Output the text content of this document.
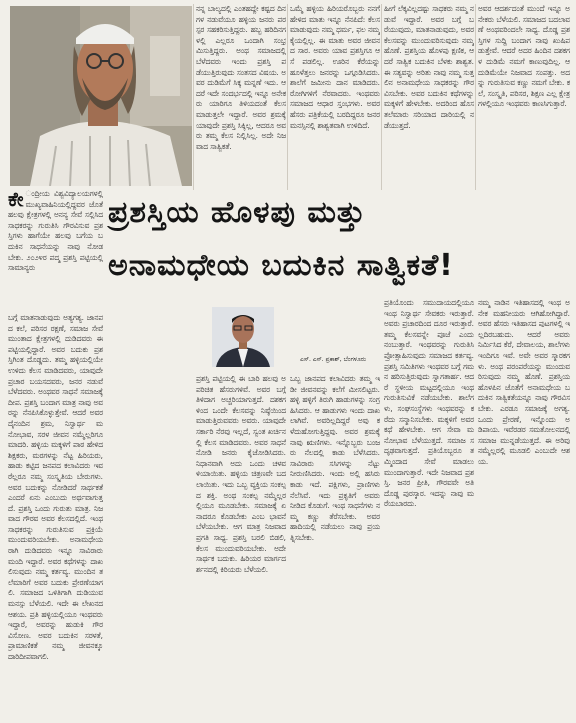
ಪ್ರಶಸ್ತಿಯ ಹೊಳಪು ಮತ್ತು
ಅನಾಮಧೇಯ ಬದುಕಿನ ಸಾತ್ವಿಕತೆ!
ಎಸ್. ಎಸ್. ಪ್ರಕಾಶ್, ಬೆಂಗಳೂರು

ಕೇ ಂದ್ರೀಯ ವಿಶ್ವವಿದ್ಯಾಲಯಗಳಲ್ಲಿ ಮುಖ್ಯವಾಹಿನಿಯಲ್ಲಿದ್ದವರ ಜೊತೆ ಹಲವು ಕ್ಷೇತ್ರಗಳಲ್ಲಿ ಅನನ್ಯ ಸೇವೆ ಸಲ್ಲಿಸಿದ ಸಾಧಕರನ್ನು ಗುರುತಿಸಿ ಗೌರವಿಸುವ ಪ್ರಶಸ್ತಿಗಳು ಹಾಗೆಯೇ ಹಲವು ಬಗೆಯ ಬದುಕಿನ ಸಾಧನೆಯನ್ನು ನಾವು ನೋಡಬೇಕು. ೨೦೨೪ರ ಪದ್ಮ ಪ್ರಶಸ್ತಿ ಪಟ್ಟಿಯಲ್ಲಿ ಸಾಮಾನ್ಯರು

ಬಗ್ಗೆ ಮಾತನಾಡುವುದು ಅತ್ಯಗತ್ಯ. ಜಾನಪದ ಕಲೆ, ಪರಿಸರ ರಕ್ಷಣೆ, ಸಮಾಜ ಸೇವೆ ಮುಂತಾದ ಕ್ಷೇತ್ರಗಳಲ್ಲಿ ದುಡಿದವರು ಈ ಪಟ್ಟಿಯಲ್ಲಿದ್ದಾರೆ. ಅವರ ಬದುಕು ಪ್ರಶಸ್ತಿಗಿಂತ ದೊಡ್ಡದು. ತಮ್ಮ ಹಳ್ಳಿಯಲ್ಲಿಯೇ ಉಳಿದು ಕೆಲಸ ಮಾಡಿದವರು, ಯಾವುದೇ ಪ್ರಚಾರ ಬಯಸದವರು, ಜನರ ನಡುವೆ ಬೆಳೆದವರು. ಅಂಥವರ ಸಾಧನೆ ಸಮಾಜಕ್ಕೆ ದೀಪ. ಪ್ರಶಸ್ತಿ ಬಂದಾಗ ಮಾತ್ರ ನಾವು ಅವರನ್ನು ನೆನಪಿಸಿಕೊಳ್ಳುತ್ತೇವೆ. ಆದರೆ ಅವರ ದೈನಂದಿನ ಶ್ರಮ, ನಿಸ್ವಾರ್ಥ ಮನೋಭಾವ, ಸರಳ ಜೀವನ ನಮ್ಮೆಲ್ಲರಿಗೂ ಮಾದರಿ. ಹಳ್ಳಿಯ ಮಕ್ಕಳಿಗೆ ಪಾಠ ಹೇಳಿದ ಶಿಕ್ಷಕರು, ಮರಗಳನ್ನು ನೆಟ್ಟ ಹಿರಿಯರು, ಹಾಡು ಕಟ್ಟಿದ ಜನಪದ ಕಲಾವಿದರು ಇವರೆಲ್ಲರೂ ನಮ್ಮ ಸಂಸ್ಕೃತಿಯ ಬೇರುಗಳು. ಅವರ ಬದುಕನ್ನು ನೋಡಿದರೆ ಸಾರ್ಥಕತೆ ಎಂದರೆ ಏನು ಎಂಬುದು ಅರ್ಥವಾಗುತ್ತದೆ. ಪ್ರಶಸ್ತಿ ಒಂದು ಗುರುತು ಮಾತ್ರ. ನಿಜವಾದ ಗೌರವ ಅವರ ಕೆಲಸದಲ್ಲಿದೆ. ಇಂಥ ಸಾಧಕರನ್ನು ಗುರುತಿಸುವ ಪ್ರಕ್ರಿಯೆ ಮುಂದುವರಿಯಬೇಕು. ಅನಾಮಧೇಯರಾಗಿ ದುಡಿದವರು ಇನ್ನೂ ಸಾವಿರಾರು ಮಂದಿ ಇದ್ದಾರೆ. ಅವರ ಕಥೆಗಳನ್ನು ದಾಖಲಿಸುವುದು ನಮ್ಮ ಕರ್ತವ್ಯ. ಮುಂದಿನ ತಲೆಮಾರಿಗೆ ಅವರ ಬದುಕು ಪ್ರೇರಣೆಯಾಗಲಿ. ಸಮಾಜದ ಒಳಿತಿಗಾಗಿ ದುಡಿಯುವ ಮನಸ್ಸು ಬೆಳೆಯಲಿ. ಇದೇ ಈ ಲೇಖನದ ಆಶಯ. ಪ್ರತಿ ಹಳ್ಳಿಯಲ್ಲಿಯೂ ಇಂಥವರು ಇದ್ದಾರೆ, ಅವರನ್ನು ಹುಡುಕಿ ಗೌರವಿಸೋಣ. ಅವರ ಬದುಕಿನ ಸರಳತೆ, ಪ್ರಾಮಾಣಿಕತೆ ನಮ್ಮ ಜೀವನಕ್ಕೂ ದಾರಿದೀಪವಾಗಲಿ.

ನನ್ನ ಬಾಲ್ಯದಲ್ಲಿ ಎಂತಹದ್ದೇ ಕಷ್ಟದ ದಿನಗಳ ನಡುವೆಯೂ ಹಳ್ಳಿಯ ಜನರು ಪರಸ್ಪರ ಸಹಕರಿಸುತ್ತಿದ್ದರು. ಹಬ್ಬ ಹರಿದಿನಗಳಲ್ಲಿ ಎಲ್ಲರೂ ಒಂದಾಗಿ ಸಂಭ್ರಮಿಸುತ್ತಿದ್ದರು. ಅಂಥ ಸಮಾಜದಲ್ಲಿ ಬೆಳೆದವರು ಇಂದು ಪ್ರಶಸ್ತಿ ಪಡೆಯುತ್ತಿರುವುದು ಸಂತಸದ ವಿಷಯ. ಅವರ ದುಡಿಮೆಗೆ ಸಿಕ್ಕ ಮನ್ನಣೆ ಇದು. ಆದರೆ ಇದೇ ಸಂದರ್ಭದಲ್ಲಿ ಇನ್ನೂ ಅನೇಕರು ಯಾರಿಗೂ ತಿಳಿಯದಂತೆ ಕೆಲಸ ಮಾಡುತ್ತಲೇ ಇದ್ದಾರೆ. ಅವರ ಶ್ರಮಕ್ಕೆ ಯಾವುದೇ ಪ್ರಶಸ್ತಿ ಸಿಕ್ಕಿಲ್ಲ, ಆದರೂ ಅವರು ತಮ್ಮ ಕೆಲಸ ನಿಲ್ಲಿಸಿಲ್ಲ. ಅದೇ ನಿಜವಾದ ಸಾತ್ವಿಕತೆ.

ಒಮ್ಮೆ ಹಳ್ಳಿಯ ಹಿರಿಯರೊಬ್ಬರು ನನಗೆ ಹೇಳಿದ ಮಾತು ಇನ್ನೂ ನೆನಪಿದೆ: ಕೆಲಸ ಮಾಡುವುದು ನಮ್ಮ ಧರ್ಮ, ಫಲ ನಮ್ಮ ಕೈಯಲ್ಲಿಲ್ಲ. ಈ ಮಾತು ಅವರ ಜೀವನದ ಸಾರ. ಅವರು ಯಾವ ಪ್ರಶಸ್ತಿಗೂ ಆಸೆ ಪಡಲಿಲ್ಲ. ಊರಿನ ಕೆರೆಯನ್ನು ಹೂಳೆತ್ತಲು ಜನರನ್ನು ಒಗ್ಗೂಡಿಸಿದರು. ಶಾಲೆಗೆ ಜಮೀನು ದಾನ ಮಾಡಿದರು. ರೋಗಿಗಳಿಗೆ ನೆರವಾದರು. ಇಂಥವರು ಸಮಾಜದ ಆಧಾರ ಸ್ತಂಭಗಳು. ಅವರ ಹೆಸರು ಪತ್ರಿಕೆಯಲ್ಲಿ ಬರದಿದ್ದರೂ ಜನರ ಮನಸ್ಸಿನಲ್ಲಿ ಶಾಶ್ವತವಾಗಿ ಉಳಿದಿದೆ.

ಹೀಗೆ ಲೆಕ್ಕವಿಲ್ಲದಷ್ಟು ಸಾಧಕರು ನಮ್ಮ ನಡುವೆ ಇದ್ದಾರೆ. ಅವರ ಬಗ್ಗೆ ಬರೆಯುವುದು, ಮಾತನಾಡುವುದು, ಅವರ ಕೆಲಸವನ್ನು ಮುಂದುವರಿಸುವುದು ನಮ್ಮ ಹೊಣೆ. ಪ್ರಶಸ್ತಿಯ ಹೊಳಪು ಕ್ಷಣಿಕ, ಆದರೆ ಸಾತ್ವಿಕ ಬದುಕಿನ ಬೆಳಕು ಶಾಶ್ವತ. ಈ ಸತ್ಯವನ್ನು ಅರಿತು ನಾವು ನಮ್ಮ ಸುತ್ತಲಿನ ಅನಾಮಧೇಯ ಸಾಧಕರನ್ನು ಗೌರವಿಸಬೇಕು. ಅವರ ಬದುಕಿನ ಕಥೆಗಳನ್ನು ಮಕ್ಕಳಿಗೆ ಹೇಳಬೇಕು. ಅದರಿಂದ ಹೊಸ ತಲೆಮಾರು ಸರಿಯಾದ ದಾರಿಯಲ್ಲಿ ನಡೆಯುತ್ತದೆ.

ಅವರ ಆದರ್ಶದಂತೆ ಮುಂದೆ ಇನ್ನೂ ಅನೇಕರು ಬೆಳೆಯಲಿ. ಸಮಾಜದ ಬದಲಾವಣೆ ಅಂಥವರಿಂದಲೇ ಸಾಧ್ಯ. ದೊಡ್ಡ ಪ್ರಶಸ್ತಿಗಳ ಸುದ್ದಿ ಬಂದಾಗ ನಾವು ಖುಷಿಪಡುತ್ತೇವೆ. ಆದರೆ ಅದರ ಹಿಂದಿನ ದಶಕಗಳ ದುಡಿಮೆ ನಮಗೆ ಕಾಣುವುದಿಲ್ಲ. ಆ ದುಡಿಮೆಯೇ ನಿಜವಾದ ಸಂಪತ್ತು. ಅದನ್ನು ಗುರುತಿಸುವ ಕಣ್ಣು ನಮಗೆ ಬೇಕು. ಕಲೆ, ಸಂಸ್ಕೃತಿ, ಪರಿಸರ, ಶಿಕ್ಷಣ ಎಲ್ಲ ಕ್ಷೇತ್ರಗಳಲ್ಲಿಯೂ ಇಂಥವರು ಕಾಣಸಿಗುತ್ತಾರೆ.

ಪ್ರಶಸ್ತಿ ಪಟ್ಟಿಯಲ್ಲಿ ಈ ಬಾರಿ ಹಲವು ಅಪರಿಚಿತ ಹೆಸರುಗಳಿವೆ. ಅವರ ಬಗ್ಗೆ ತಿಳಿದಾಗ ಅಚ್ಚರಿಯಾಗುತ್ತದೆ. ದಶಕಗಳಿಂದ ಒಂದೇ ಕೆಲಸವನ್ನು ನಿಷ್ಠೆಯಿಂದ ಮಾಡುತ್ತಿರುವವರು ಅವರು. ಯಾವುದೇ ಸರ್ಕಾರಿ ನೆರವು ಇಲ್ಲದೆ, ಸ್ವಂತ ಖರ್ಚಿನಲ್ಲಿ ಕೆಲಸ ಮಾಡಿದವರು. ಅವರ ಸಾಧನೆ ನೋಡಿ ಜನರು ಕೈಜೋಡಿಸಿದರು. ನಿಧಾನವಾಗಿ ಅದು ಒಂದು ಚಳವಳಿಯಾಯಿತು. ಹಳ್ಳಿಯ ಚಿತ್ರಣವೇ ಬದಲಾಯಿತು. ಇದು ಒಬ್ಬ ವ್ಯಕ್ತಿಯ ಸಂಕಲ್ಪದ ಶಕ್ತಿ. ಅಂಥ ಸಂಕಲ್ಪ ನಮ್ಮೆಲ್ಲರಲ್ಲಿಯೂ ಮೂಡಬೇಕು. ಸಮಾಜಕ್ಕೆ ಏನಾದರೂ ಕೊಡಬೇಕು ಎಂಬ ಭಾವನೆ ಬೆಳೆಯಬೇಕು. ಆಗ ಮಾತ್ರ ನಿಜವಾದ ಪ್ರಗತಿ ಸಾಧ್ಯ. ಪ್ರಶಸ್ತಿ ಬರಲಿ ಬಿಡಲಿ, ಕೆಲಸ ಮುಂದುವರಿಯಬೇಕು. ಅದೇ ಸಾರ್ಥಕ ಬದುಕು. ಹಿರಿಯರ ಮಾರ್ಗದರ್ಶನದಲ್ಲಿ ಕಿರಿಯರು ಬೆಳೆಯಲಿ.

ಒಬ್ಬ ಜಾನಪದ ಕಲಾವಿದರು ತಮ್ಮ ಇಡೀ ಜೀವನವನ್ನು ಕಲೆಗೆ ಮೀಸಲಿಟ್ಟರು. ಹಳ್ಳಿ ಹಳ್ಳಿಗೆ ತಿರುಗಿ ಹಾಡುಗಳನ್ನು ಸಂಗ್ರಹಿಸಿದರು. ಆ ಹಾಡುಗಳು ಇಂದು ದಾಖಲಾಗಿವೆ. ಅವರಿಲ್ಲದಿದ್ದರೆ ಅವು ಕಳೆದುಹೋಗುತ್ತಿದ್ದವು. ಅವರ ಶ್ರಮಕ್ಕೆ ನಾವು ಋಣಿಗಳು. ಇನ್ನೊಬ್ಬರು ಬಂಜರು ನೆಲದಲ್ಲಿ ಕಾಡು ಬೆಳೆಸಿದರು. ಸಾವಿರಾರು ಸಸಿಗಳನ್ನು ನೆಟ್ಟು ನೀರುಣಿಸಿದರು. ಇಂದು ಅಲ್ಲಿ ಹಸಿರು ಕಾಡು ಇದೆ. ಪಕ್ಷಿಗಳು, ಪ್ರಾಣಿಗಳು ನೆಲೆಸಿವೆ. ಇದು ಪ್ರಕೃತಿಗೆ ಅವರು ನೀಡಿದ ಕೊಡುಗೆ. ಇಂಥ ಸಾಧನೆಗಳು ನಮ್ಮ ಕಣ್ಣು ತೆರೆಸಬೇಕು. ಅವರ ಹಾದಿಯಲ್ಲಿ ನಡೆಯಲು ನಾವು ಪ್ರಯತ್ನಿಸಬೇಕು.

ಪ್ರತಿಯೊಂದು ಸಮುದಾಯದಲ್ಲಿಯೂ ಇಂಥ ನಿಸ್ವಾರ್ಥ ಸೇವಕರು ಇರುತ್ತಾರೆ. ಅವರು ಪ್ರಚಾರದಿಂದ ದೂರ ಇರುತ್ತಾರೆ. ತಮ್ಮ ಕೆಲಸವನ್ನೇ ಪೂಜೆ ಎಂದು ನಂಬುತ್ತಾರೆ. ಇಂಥವರನ್ನು ಗುರುತಿಸಿ ಪ್ರೋತ್ಸಾಹಿಸುವುದು ಸಮಾಜದ ಕರ್ತವ್ಯ. ಪ್ರಶಸ್ತಿ ಸಮಿತಿಗಳು ಇಂಥವರ ಬಗ್ಗೆ ಗಮನ ಹರಿಸುತ್ತಿರುವುದು ಸ್ವಾಗತಾರ್ಹ. ಆದರೆ ಸ್ಥಳೀಯ ಮಟ್ಟದಲ್ಲಿಯೂ ಇಂಥ ಗುರುತಿಸುವಿಕೆ ನಡೆಯಬೇಕು. ಶಾಲೆಗಳು, ಸಂಘಸಂಸ್ಥೆಗಳು ಇಂಥವರನ್ನು ಕರೆದು ಸನ್ಮಾನಿಸಬೇಕು. ಮಕ್ಕಳಿಗೆ ಅವರ ಕಥೆ ಹೇಳಬೇಕು. ಆಗ ಸೇವಾ ಮನೋಭಾವ ಬೆಳೆಯುತ್ತದೆ. ಸಮಾಜ ಸದೃಢವಾಗುತ್ತದೆ. ಪ್ರತಿಯೊಬ್ಬರೂ ತಮ್ಮಿಂದಾದ ಸೇವೆ ಮಾಡಲು ಮುಂದಾಗುತ್ತಾರೆ. ಇದೇ ನಿಜವಾದ ಪ್ರಶಸ್ತಿ. ಜನರ ಪ್ರೀತಿ, ಗೌರವವೇ ಅತಿ ದೊಡ್ಡ ಪುರಸ್ಕಾರ. ಇದನ್ನು ನಾವು ಮರೆಯಬಾರದು.

ನಮ್ಮ ನಾಡಿನ ಇತಿಹಾಸದಲ್ಲಿ ಇಂಥ ಅನೇಕ ಮಹನೀಯರು ಆಗಿಹೋಗಿದ್ದಾರೆ. ಅವರ ಹೆಸರು ಇತಿಹಾಸದ ಪುಟಗಳಲ್ಲಿ ಇಲ್ಲದಿರಬಹುದು. ಆದರೆ ಅವರು ನಿರ್ಮಿಸಿದ ಕೆರೆ, ದೇವಾಲಯ, ಶಾಲೆಗಳು ಇಂದಿಗೂ ಇವೆ. ಅವೇ ಅವರ ಸ್ಮಾರಕಗಳು. ಅಂಥ ಪರಂಪರೆಯನ್ನು ಮುಂದುವರಿಸುವುದು ನಮ್ಮ ಹೊಣೆ. ಪ್ರಶಸ್ತಿಯ ಹೊಳಪಿನ ಜೊತೆಗೆ ಅನಾಮಧೇಯ ಬದುಕಿನ ಸಾತ್ವಿಕತೆಯನ್ನೂ ನಾವು ಗೌರವಿಸಬೇಕು. ಎರಡೂ ಸಮಾಜಕ್ಕೆ ಅಗತ್ಯ. ಒಂದು ಪ್ರೇರಣೆ, ಇನ್ನೊಂದು ಅಡಿಪಾಯ. ಇವೆರಡರ ಸಮತೋಲನದಲ್ಲಿ ಸಮಾಜ ಮುನ್ನಡೆಯುತ್ತದೆ. ಈ ಅರಿವು ನಮ್ಮೆಲ್ಲರಲ್ಲಿ ಮೂಡಲಿ ಎಂಬುದೇ ಆಶಯ.
